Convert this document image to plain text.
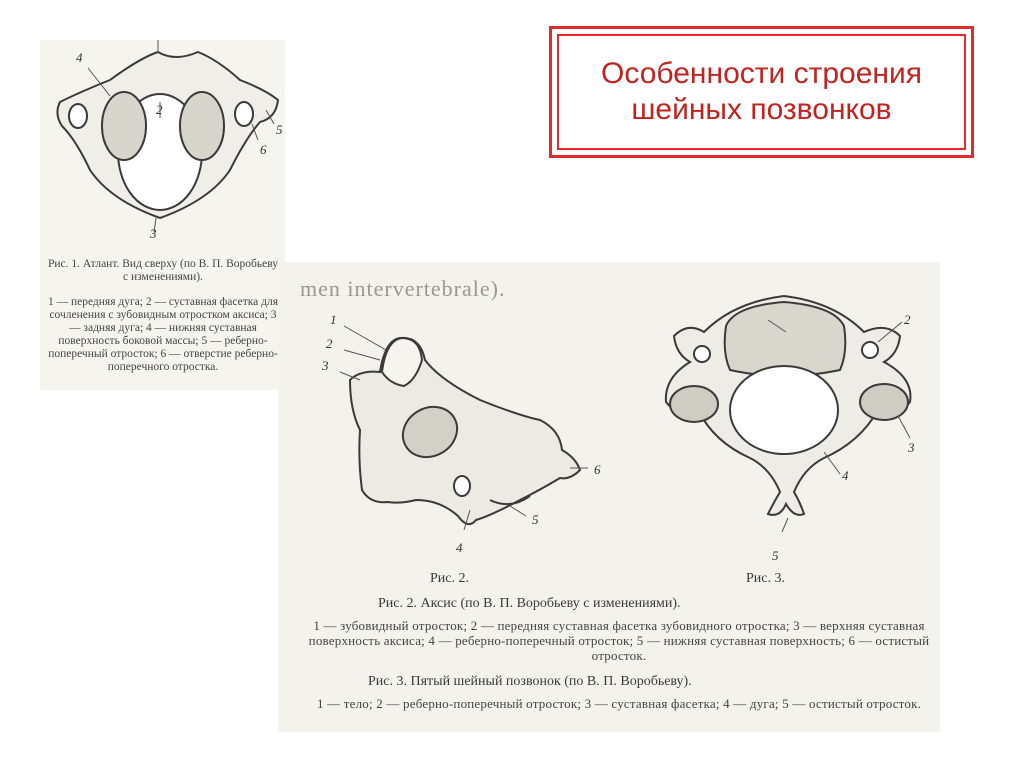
Особенности строения шейных позвонков
men intervertebrale).
4
2
5
6
3
Рис. 1. Атлант. Вид сверху (по В. П. Воробьеву с изменениями).
1 — передняя дуга; 2 — суставная фасетка для сочленения с зубовидным отростком аксиса; 3 — задняя дуга; 4 — нижняя суставная поверхность боковой массы; 5 — реберно-поперечный отросток; 6 — отверстие реберно-поперечного отростка.
1
2
3
4
5
6
2
3
4
5
Рис. 2.	Рис. 3.
Рис. 2. Аксис (по В. П. Воробьеву с изменениями).
1 — зубовидный отросток; 2 — передняя суставная фасетка зубовидного отростка; 3 — верхняя суставная поверхность аксиса; 4 — реберно-поперечный отросток; 5 — нижняя суставная поверхность; 6 — остистый отросток.
Рис. 3. Пятый шейный позвонок (по В. П. Воробьеву).
1 — тело; 2 — реберно-поперечный отросток; 3 — суставная фасетка; 4 — дуга; 5 — остистый отросток.
